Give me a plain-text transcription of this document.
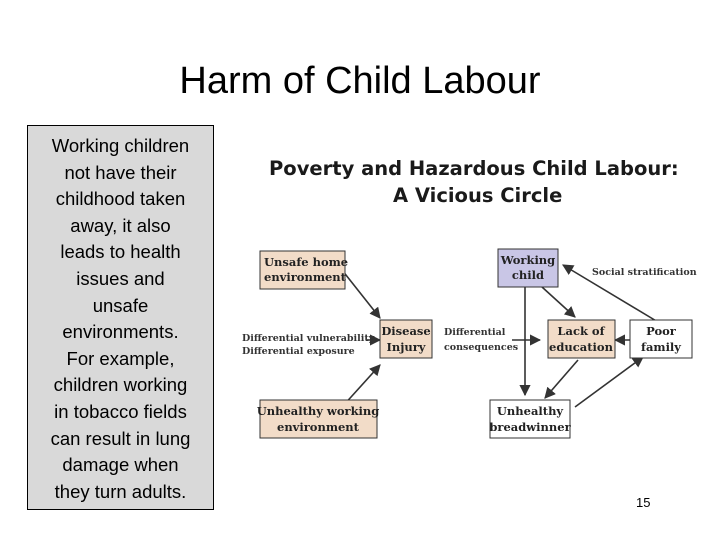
Harm of Child Labour
Working children
not have their
childhood taken
away, it also
leads to health
issues and
unsafe
environments.
For example,
children working
in tobacco fields
can result in lung
damage when
they turn adults.
Poverty and Hazardous Child Labour:
A Vicious Circle
Unsafe home
environment
Working
child
Disease
Injury
Lack of
education
Poor
family
Unhealthy working
environment
Unhealthy
breadwinner
Social stratification
Differential vulnerability
Differential exposure
Differential
consequences
15
